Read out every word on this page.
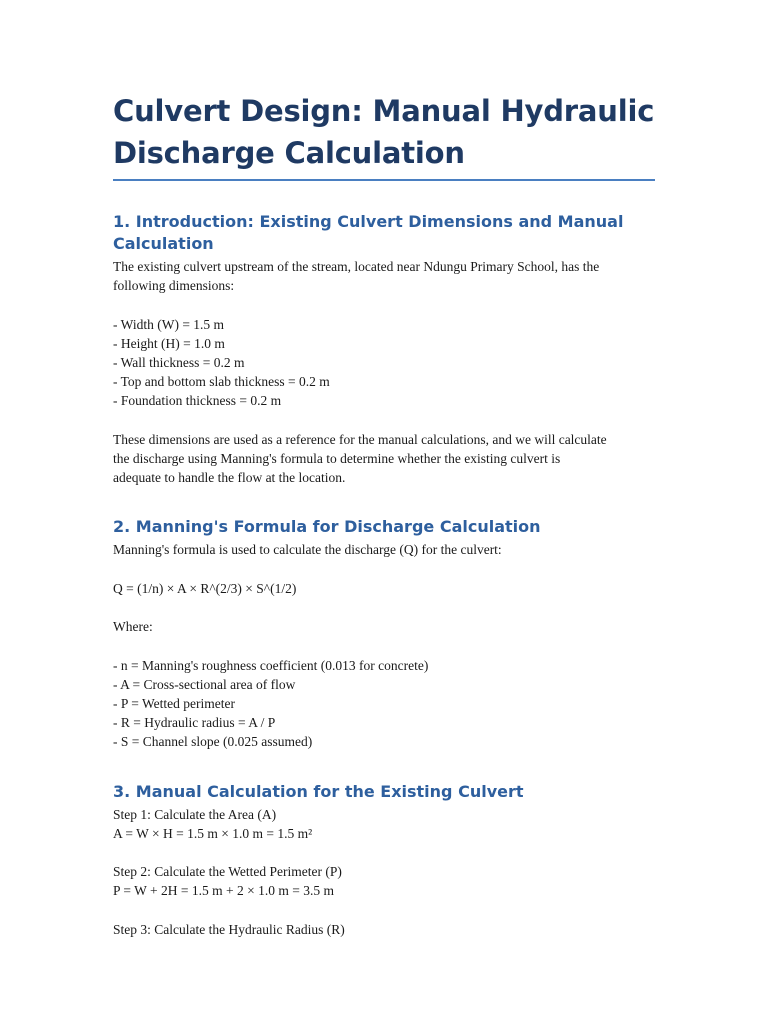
Culvert Design: Manual Hydraulic
Discharge Calculation
1. Introduction: Existing Culvert Dimensions and Manual Calculation

The existing culvert upstream of the stream, located near Ndungu Primary School, has the

following dimensions:

- Width (W) = 1.5 m

- Height (H) = 1.0 m

- Wall thickness = 0.2 m

- Top and bottom slab thickness = 0.2 m

- Foundation thickness = 0.2 m

These dimensions are used as a reference for the manual calculations, and we will calculate

the discharge using Manning's formula to determine whether the existing culvert is

adequate to handle the flow at the location.

2. Manning's Formula for Discharge Calculation

Manning's formula is used to calculate the discharge (Q) for the culvert:

Q = (1/n) × A × R^(2/3) × S^(1/2)

Where:

- n = Manning's roughness coefficient (0.013 for concrete)

- A = Cross-sectional area of flow

- P = Wetted perimeter

- R = Hydraulic radius = A / P

- S = Channel slope (0.025 assumed)

3. Manual Calculation for the Existing Culvert

Step 1: Calculate the Area (A)

A = W × H = 1.5 m × 1.0 m = 1.5 m²

Step 2: Calculate the Wetted Perimeter (P)

P = W + 2H = 1.5 m + 2 × 1.0 m = 3.5 m

Step 3: Calculate the Hydraulic Radius (R)
